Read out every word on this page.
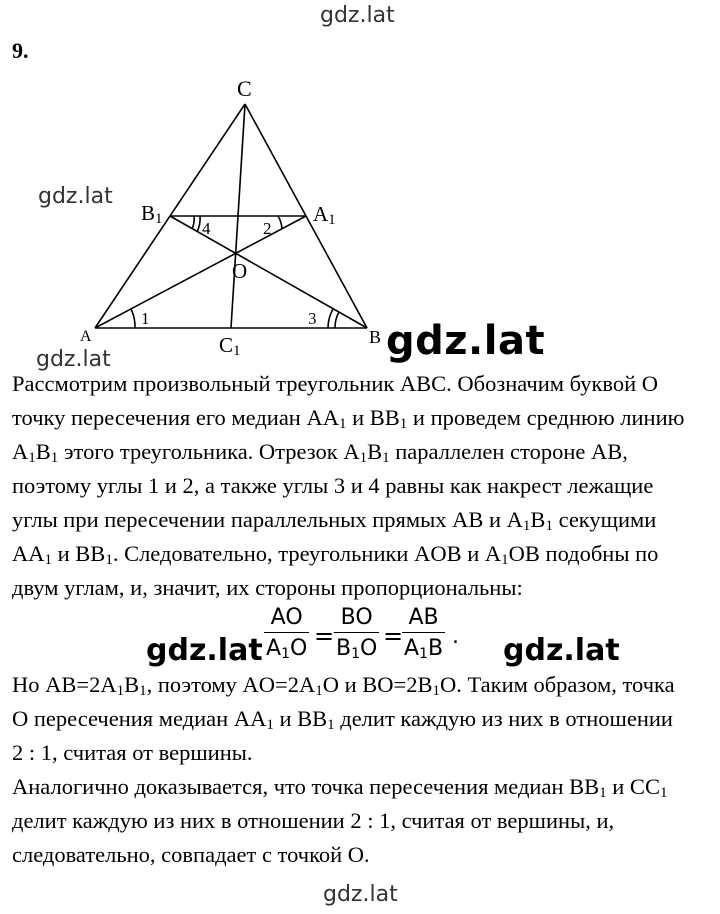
gdz.lat
gdz.lat
gdz.lat	gdz.lat
gdz.lat	gdz.lat
gdz.lat
9.
C
$B_1$	$A_1$
O
A	B
$C_1$
1
2
3
4

Рассмотрим произвольный треугольник ABC. Обозначим буквой O

точку пересечения его медиан $AA_1$ и $BB_1$ и проведем среднюю линию

$A_1B_1$ этого треугольника. Отрезок $A_1B_1$ параллелен стороне AB,

поэтому углы 1 и 2, а также углы 3 и 4 равны как накрест лежащие

углы при пересечении параллельных прямых AB и $A_1B_1$ секущими

$AA_1$ и $BB_1$. Следовательно, треугольники AOB и $A_1OB$ подобны по

двум углам, и, значит, их стороны пропорциональны:

$\frac{AO}{A_1O} = \frac{BO}{B_1O}$ =
$\frac{AB}{A_1B}$ .

Но $AB=2A_1B_1$, поэтому $AO=2A_1O$ и $BO=2B_1O$. Таким образом, точка

O пересечения медиан $AA_1$ и $BB_1$ делит каждую из них в отношении

2 : 1, считая от вершины.

Аналогично доказывается, что точка пересечения медиан $BB_1$ и $CC_1$

делит каждую из них в отношении 2 : 1, считая от вершины, и,

следовательно, совпадает с точкой O.
